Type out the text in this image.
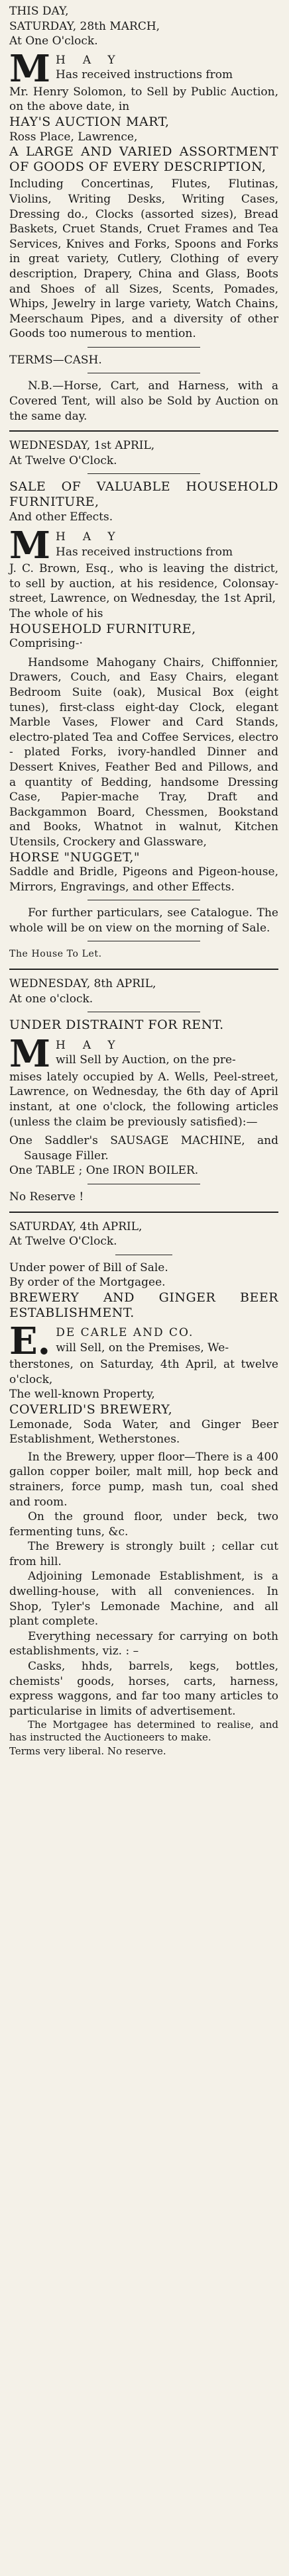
THIS DAY,

SATURDAY, 28th MARCH,

At One O'clock.

M HAY

Has received instructions from

Mr. Henry Solomon, to Sell by Public Auction, on the above date, in

HAY'S AUCTION MART,

Ross Place, Lawrence,

A LARGE AND VARIED ASSORTMENT OF GOODS OF EVERY DESCRIPTION,

Including Concertinas, Flutes, Flutinas, Violins, Writing Desks, Writing Cases, Dressing do., Clocks (assorted sizes), Bread Baskets, Cruet Stands, Cruet Frames and Tea Services, Knives and Forks, Spoons and Forks in great variety, Cutlery, Clothing of every description, Drapery, China and Glass, Boots and Shoes of all Sizes, Scents, Pomades, Whips, Jewelry in large variety, Watch Chains, Meerschaum Pipes, and a diversity of other Goods too numerous to mention.

TERMS—CASH.

N.B.—Horse, Cart, and Harness, with a Covered Tent, will also be Sold by Auction on the same day.

WEDNESDAY, 1st APRIL,

At Twelve O'Clock.

SALE OF VALUABLE HOUSEHOLD FURNITURE,

And other Effects.

M HAY

Has received instructions from

J. C. Brown, Esq., who is leaving the district, to sell by auction, at his residence, Colonsay-street, Lawrence, on Wednesday, the 1st April,

The whole of his

HOUSEHOLD FURNITURE,

Comprising-·

Handsome Mahogany Chairs, Chiffonnier, Drawers, Couch, and Easy Chairs, elegant Bedroom Suite (oak), Musical Box (eight tunes), first-class eight-day Clock, elegant Marble Vases, Flower and Card Stands, electro-plated Tea and Coffee Services, electro - plated Forks, ivory-handled Dinner and Dessert Knives, Feather Bed and Pillows, and a quantity of Bedding, handsome Dressing Case, Papier-mache Tray, Draft and Backgammon Board, Chessmen, Bookstand and Books, Whatnot in walnut, Kitchen Utensils, Crockery and Glassware,

HORSE "NUGGET,"

Saddle and Bridle, Pigeons and Pigeon-house, Mirrors, Engravings, and other Effects.

For further particulars, see Catalogue. The whole will be on view on the morning of Sale.

The House To Let.

WEDNESDAY, 8th APRIL,

At one o'clock.

UNDER DISTRAINT FOR RENT.

M HAY

will Sell by Auction, on the pre-

mises lately occupied by A. Wells, Peel-street, Lawrence, on Wednesday, the 6th day of April instant, at one o'clock, the following articles (unless the claim be previously satisfied):—

One Saddler's SAUSAGE MACHINE, and Sausage Filler.

One TABLE ; One IRON BOILER.

No Reserve !

SATURDAY, 4th APRIL,

At Twelve O'Clock.

Under power of Bill of Sale.

By order of the Mortgagee.

BREWERY AND GINGER BEER ESTABLISHMENT.

E. DE CARLE AND CO.

will Sell, on the Premises, We-

therstones, on Saturday, 4th April, at twelve o'clock,

The well-known Property,

COVERLID'S BREWERY,

Lemonade, Soda Water, and Ginger Beer Establishment, Wetherstones.

In the Brewery, upper floor—There is a 400 gallon copper boiler, malt mill, hop beck and strainers, force pump, mash tun, coal shed and room.

On the ground floor, under beck, two fermenting tuns, &c.

The Brewery is strongly built ; cellar cut from hill.

Adjoining Lemonade Establishment, is a dwelling-house, with all conveniences. In Shop, Tyler's Lemonade Machine, and all plant complete.

Everything necessary for carrying on both establishments, viz. : –

Casks, hhds, barrels, kegs, bottles, chemists' goods, horses, carts, harness, express waggons, and far too many articles to particularise in limits of advertisement.

The Mortgagee has determined to realise, and has instructed the Auctioneers to make.

Terms very liberal. No reserve.
